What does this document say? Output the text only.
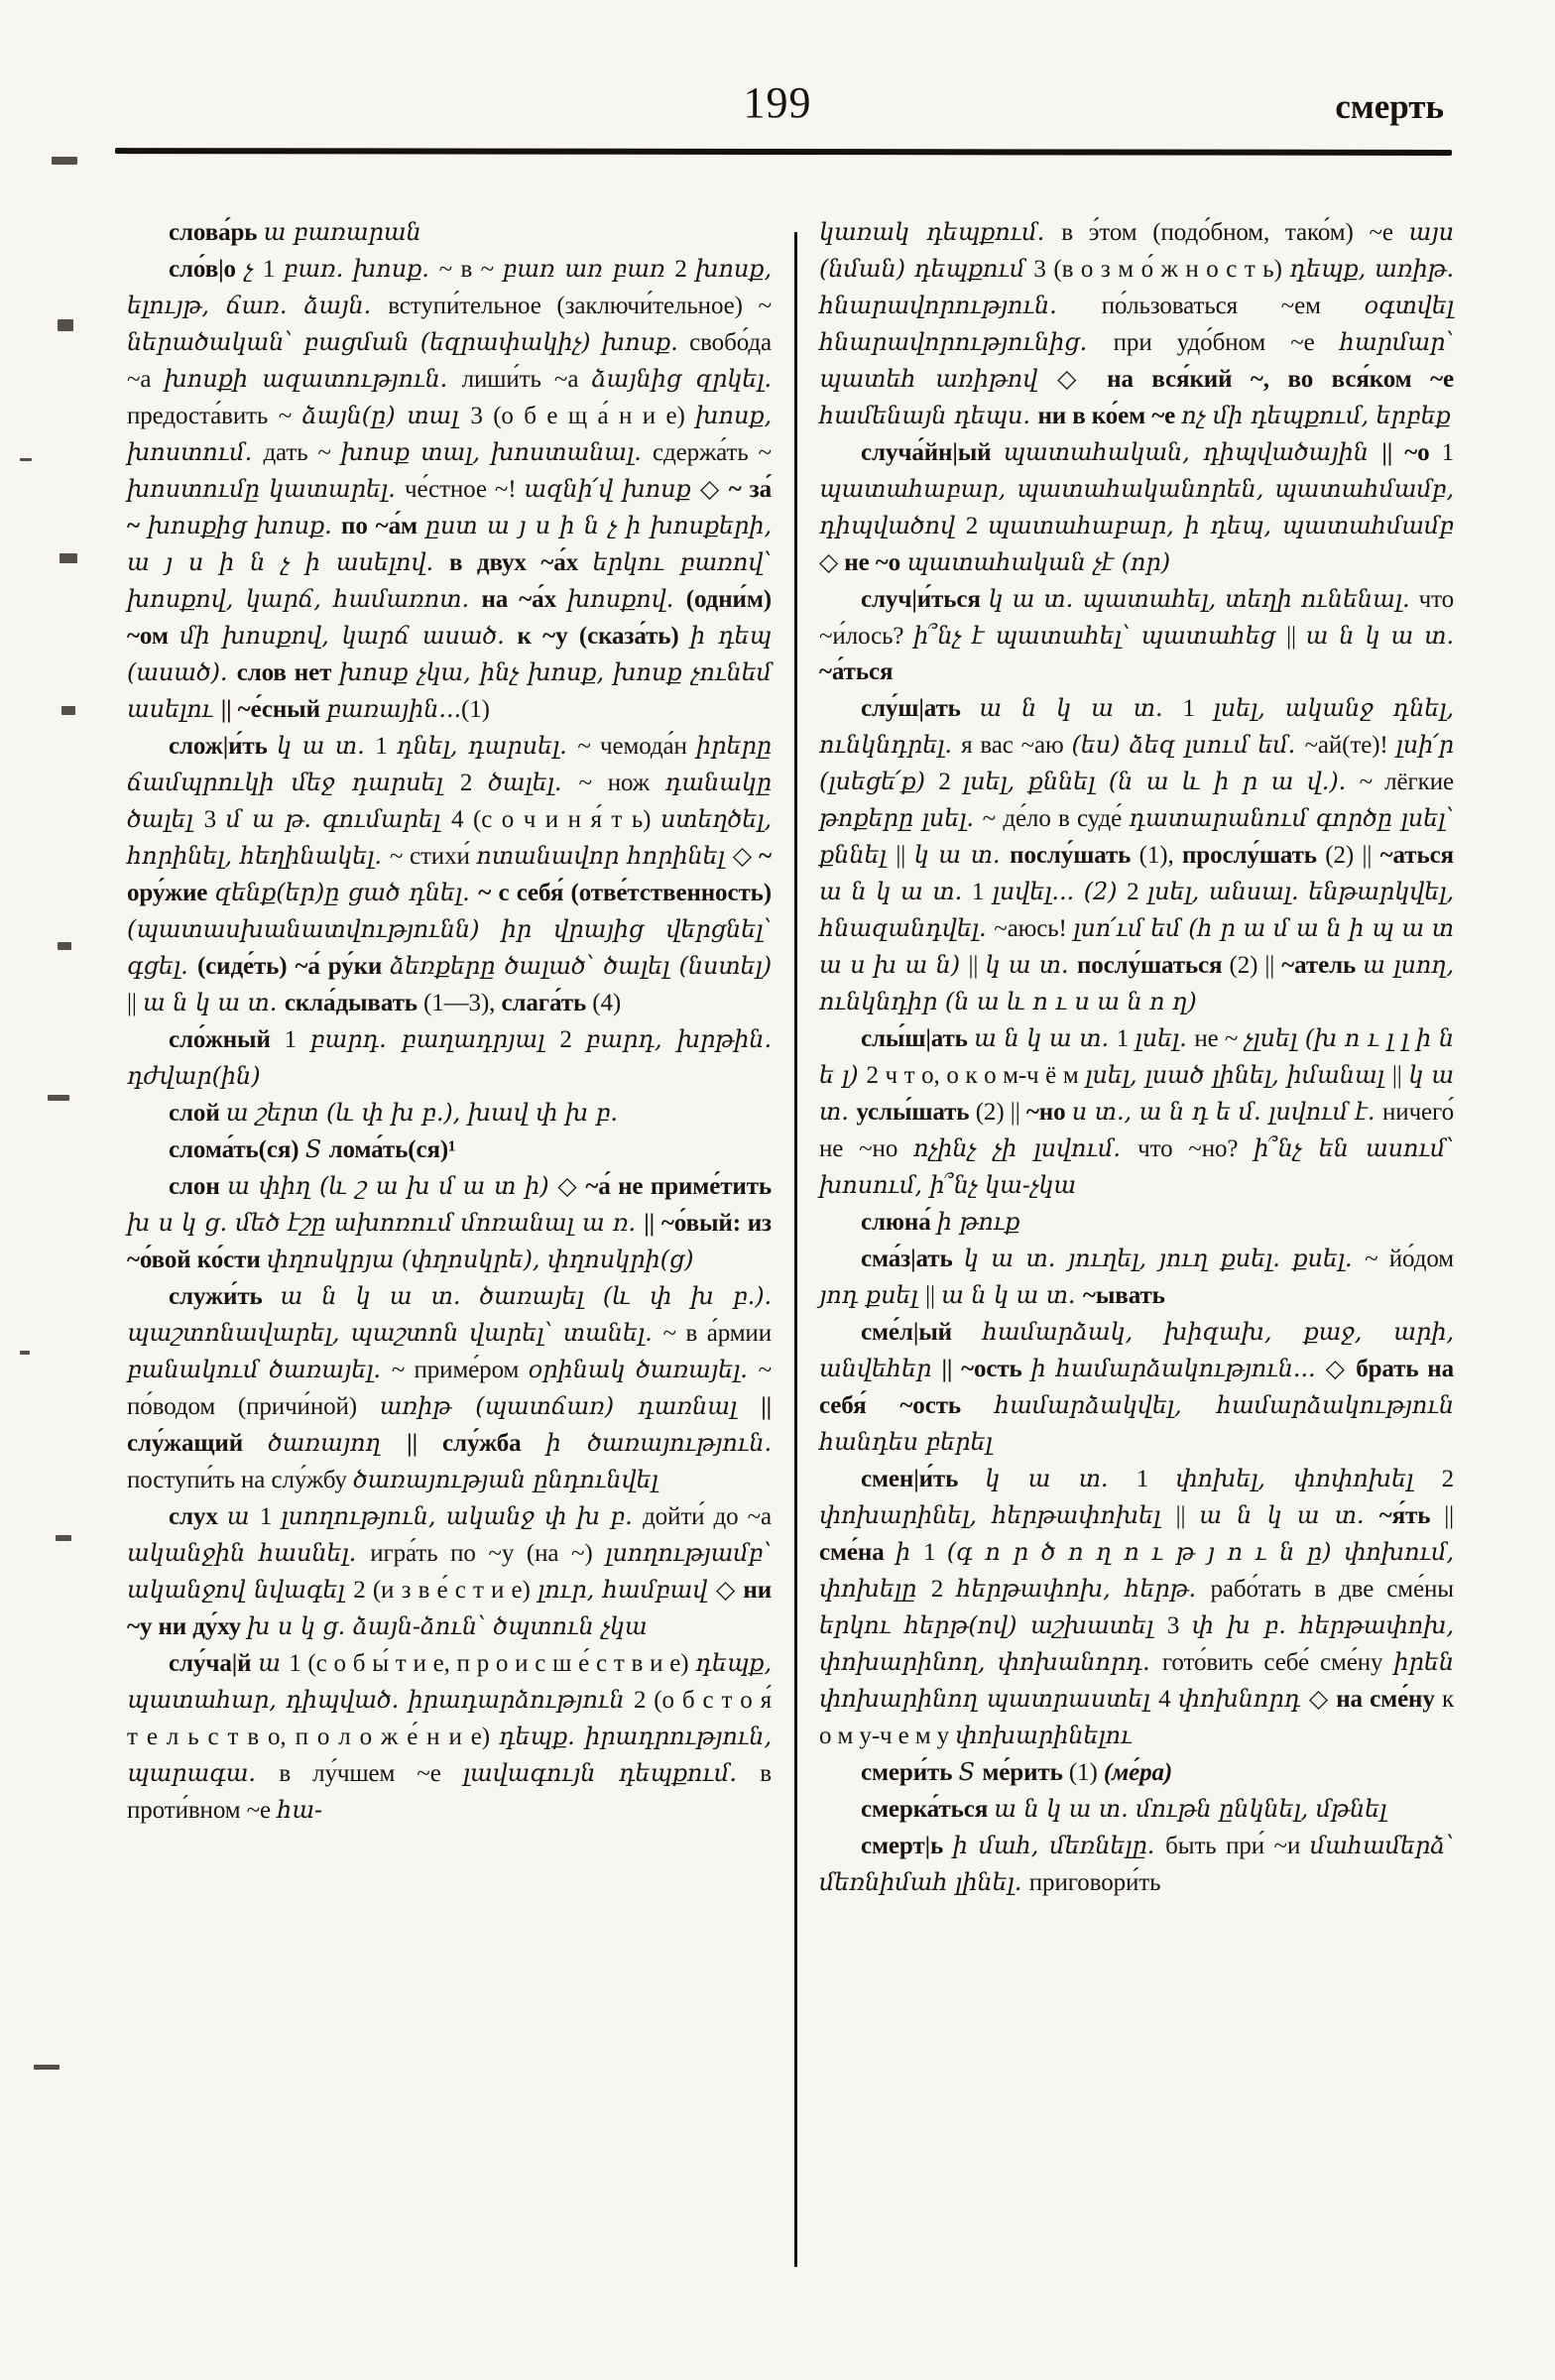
199	смерть

слова́рь ա բառարան

сло́в|о չ 1 բառ. խոսք. ~ в ~ բառ առ բառ 2 խոսք, ելույթ, ճառ. ձայն. вступи́тельное (заключи́тельное) ~ ներածական՝ բացման (եզրափակիչ) խոսք. свобо́да ~а խոսքի ազատություն. лиши́ть ~а ձայնից զրկել. предоста́вить ~ ձայն(ը) տալ 3 (о б е щ а́ н и е) խոսք, խոստում. дать ~ խոսք տալ, խոստանալ. сдержа́ть ~ խոստումը կատարել. че́стное ~! ազնի՛վ խոսք ◇ ~ за́ ~ խոսքից խոսք. по ~а́м ըստ ա յ ս ի ն չ ի խոսքերի, ա յ ս ի ն չ ի ասելով. в двух ~а́х երկու բառով՝ խոսքով, կարճ, համառոտ. на ~а́х խոսքով. (одни́м) ~ом մի խոսքով, կարճ ասած. к ~у (сказа́ть) ի դեպ (ասած). слов нет խոսք չկա, ինչ խոսք, խոսք չունեմ ասելու || ~е́сный բառային...(1)

слож|и́ть կ ա տ. 1 դնել, դարսել. ~ чемода́н իրերը ճամպրուկի մեջ դարսել 2 ծալել. ~ нож դանակը ծալել 3 մ ա թ. գումարել 4 (с о ч и н я́ т ь) ստեղծել, հորինել, հեղինակել. ~ стихи́ ոտանավոր հորինել ◇ ~ ору́жие զենք(եր)ը ցած դնել. ~ с себя́ (отве́тственность) (պատասխանատվությունն) իր վրայից վերցնել՝ գցել. (сиде́ть) ~а́ ру́ки ձեռքերը ծալած՝ ծալել (նստել) || ա ն կ ա տ. скла́дывать (1—3), слага́ть (4)

сло́жный 1 բարդ. բաղադրյալ 2 բարդ, խրթին. դժվար(ին)

слой ա շերտ (և փ խ բ.), խավ փ խ բ.

слома́ть(ся) S лома́ть(ся)¹

слон ա փիղ (և շ ա խ մ ա տ ի) ◇ ~а́ не приме́тить խ ս կ ց. մեծ էշը ախոռում մոռանալ ա ռ. || ~о́вый: из ~о́вой ко́сти փղոսկրյա (փղոսկրե), փղոսկրի(ց)

служи́ть ա ն կ ա տ. ծառայել (և փ խ բ.). պաշտոնավարել, պաշտոն վարել՝ տանել. ~ в а́рмии բանակում ծառայել. ~ приме́ром օրինակ ծառայել. ~ по́водом (причи́ной) առիթ (պատճառ) դառնալ || слу́жащий ծառայող || слу́жба ի ծառայություն. поступи́ть на слу́жбу ծառայության ընդունվել

слух ա 1 լսողություն, ականջ փ խ բ. дойти́ до ~а ականջին հասնել. игра́ть по ~у (на ~) լսողությամբ՝ ականջով նվագել 2 (и з в е́ с т и е) լուր, համբավ ◇ ни ~у ни ду́ху խ ս կ ց. ձայն-ձուն՝ ծպտուն չկա

слу́ча|й ա 1 (с о б ы́ т и е, п р о и с ш е́ с т в и е) դեպք, պատահար, դիպված. իրադարձություն 2 (о б с т о я́ т е л ь с т в о, п о л о ж е́ н и е) դեպք. իրադրություն, պարագա. в лу́чшем ~е լավագույն դեպքում. в проти́вном ~е հա-

կառակ դեպքում. в э́том (подо́бном, тако́м) ~е այս (նման) դեպքում 3 (в о з м о́ ж н о с т ь) դեպք, առիթ. հնարավորություն. по́льзоваться ~ем օգտվել հնարավորությունից. при удо́бном ~е հարմար՝ պատեհ առիթով ◇ на вся́кий ~, во вся́ком ~е համենայն դեպս. ни в ко́ем ~е ոչ մի դեպքում, երբեք

случа́йн|ый պատահական, դիպվածային || ~о 1 պատահաբար, պատահականորեն, պատահմամբ, դիպվածով 2 պատահաբար, ի դեպ, պատահմամբ ◇ не ~о պատահական չէ (որ)

случ|и́ться կ ա տ. պատահել, տեղի ունենալ. что ~и́лось? ի՞նչ է պատահել՝ պատահեց || ա ն կ ա տ. ~а́ться

слу́ш|ать ա ն կ ա տ. 1 լսել, ականջ դնել, ունկնդրել. я вас ~аю (ես) ձեզ լսում եմ. ~ай(те)! լսի՛ր (լսեցե՛ք) 2 լսել, քննել (ն ա և ի ր ա վ.). ~ лёгкие թոքերը լսել. ~ де́ло в суде́ դատարանում գործը լսել՝ քննել || կ ա տ. послу́шать (1), прослу́шать (2) || ~аться ա ն կ ա տ. 1 լսվել... (2) 2 լսել, անսալ. ենթարկվել, հնազանդվել. ~аюсь! լսո՛ւմ եմ (հ ր ա մ ա ն ի պ ա տ ա ս խ ա ն) || կ ա տ. послу́шаться (2) || ~атель ա լսող, ունկնդիր (ն ա և ո ւ ս ա ն ո ղ)

слы́ш|ать ա ն կ ա տ. 1 լսել. не ~ չլսել (խ ո ւ լ լ ի ն ե լ) 2 ч т о, о к о м-ч ё м լսել, լսած լինել, իմանալ || կ ա տ. услы́шать (2) || ~но ս տ., ա ն դ ե մ. լսվում է. ничего́ не ~но ոչինչ չի լսվում. что ~но? ի՞նչ են ասում՝ խոսում, ի՞նչ կա-չկա

слюна́ ի թուք

сма́з|ать կ ա տ. յուղել, յուղ քսել. քսել. ~ йо́дом յոդ քսել || ա ն կ ա տ. ~ывать

сме́л|ый համարձակ, խիզախ, քաջ, արի, անվեհեր || ~ость ի համարձակություն... ◇ брать на себя́ ~ость համարձակվել, համարձակություն հանդես բերել

смен|и́ть կ ա տ. 1 փոխել, փոփոխել 2 փոխարինել, հերթափոխել || ա ն կ ա տ. ~я́ть || сме́на ի 1 (գ ո ր ծ ո ղ ո ւ թ յ ո ւ ն ը) փոխում, փոխելը 2 հերթափոխ, հերթ. рабо́тать в две сме́ны երկու հերթ(ով) աշխատել 3 փ խ բ. հերթափոխ, փոխարինող, փոխանորդ. гото́вить себе́ сме́ну իրեն փոխարինող պատրաստել 4 փոխնորդ ◇ на сме́ну к о м у-ч е м у փոխարինելու

смери́ть S ме́рить (1) (ме́ра)

смерка́ться ա ն կ ա տ. մութն ընկնել, մթնել

смерт|ь ի մահ, մեռնելը. быть при́ ~и մահամերձ՝ մեռնիմահ լինել. приговори́ть
